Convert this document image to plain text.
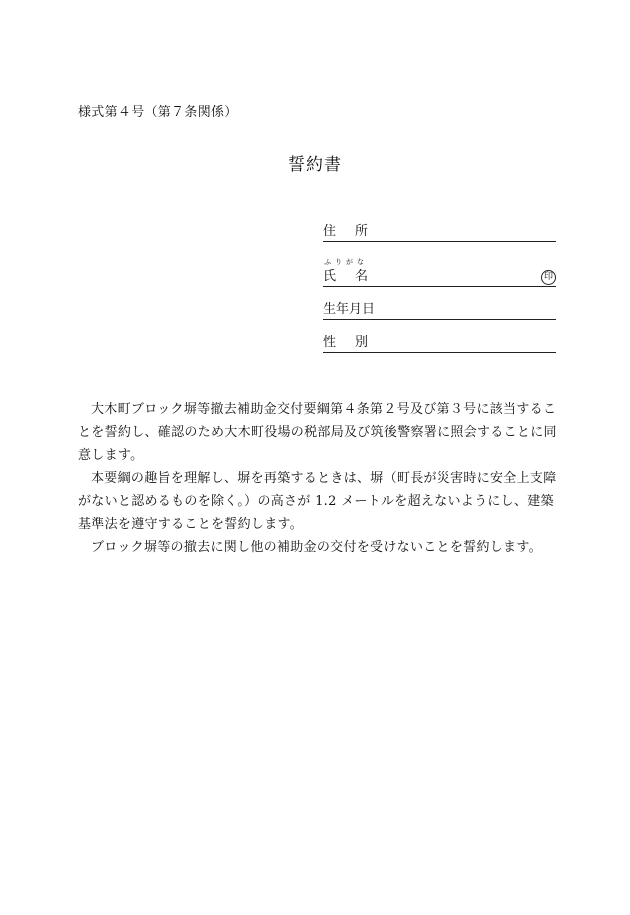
様式第４号（第７条関係）
誓約書
住所
ふりがな
氏名	印
生年月日
性別

大木町ブロック塀等撤去補助金交付要綱第４条第２号及び第３号に該当することを誓約し、確認のため大木町役場の税部局及び筑後警察署に照会することに同意します。

本要綱の趣旨を理解し、塀を再築するときは、塀（町長が災害時に安全上支障がないと認めるものを除く。）の高さが 1.2 メートルを超えないようにし、建築基準法を遵守することを誓約します。

ブロック塀等の撤去に関し他の補助金の交付を受けないことを誓約します。
